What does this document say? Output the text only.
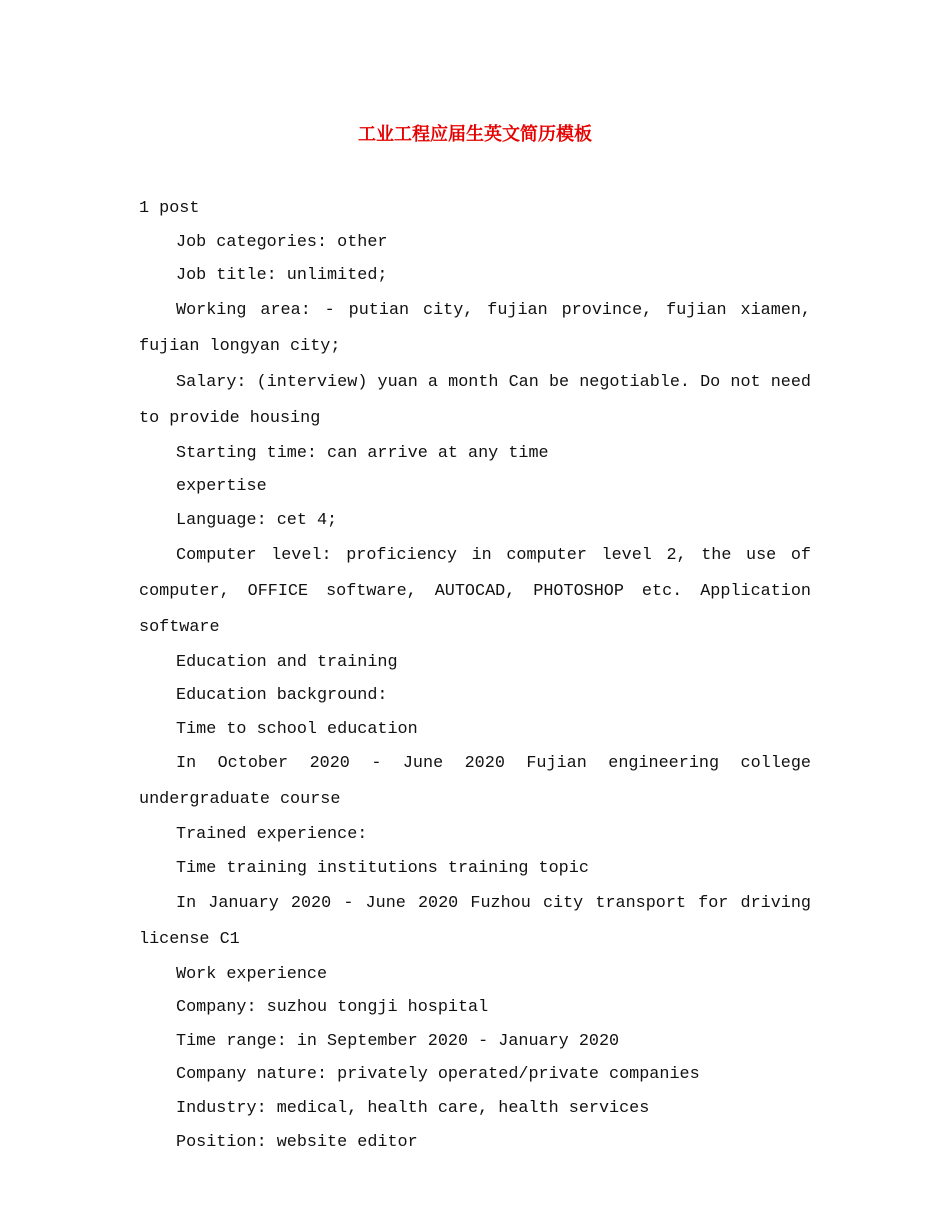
工业工程应届生英文简历模板

1 post

Job categories: other

Job title: unlimited;

Working area: - putian city, fujian province, fujian xiamen, fujian longyan city;

Salary: (interview) yuan a month Can be negotiable. Do not need to provide housing

Starting time: can arrive at any time

expertise

Language: cet 4;

Computer level: proficiency in computer level 2, the use of computer, OFFICE software, AUTOCAD, PHOTOSHOP etc. Application software

Education and training

Education background:

Time to school education

In October 2020 - June 2020 Fujian engineering college undergraduate course

Trained experience:

Time training institutions training topic

In January 2020 - June 2020 Fuzhou city transport for driving license C1

Work experience

Company: suzhou tongji hospital

Time range: in September 2020 - January 2020

Company nature: privately operated/private companies

Industry: medical, health care, health services

Position: website editor
